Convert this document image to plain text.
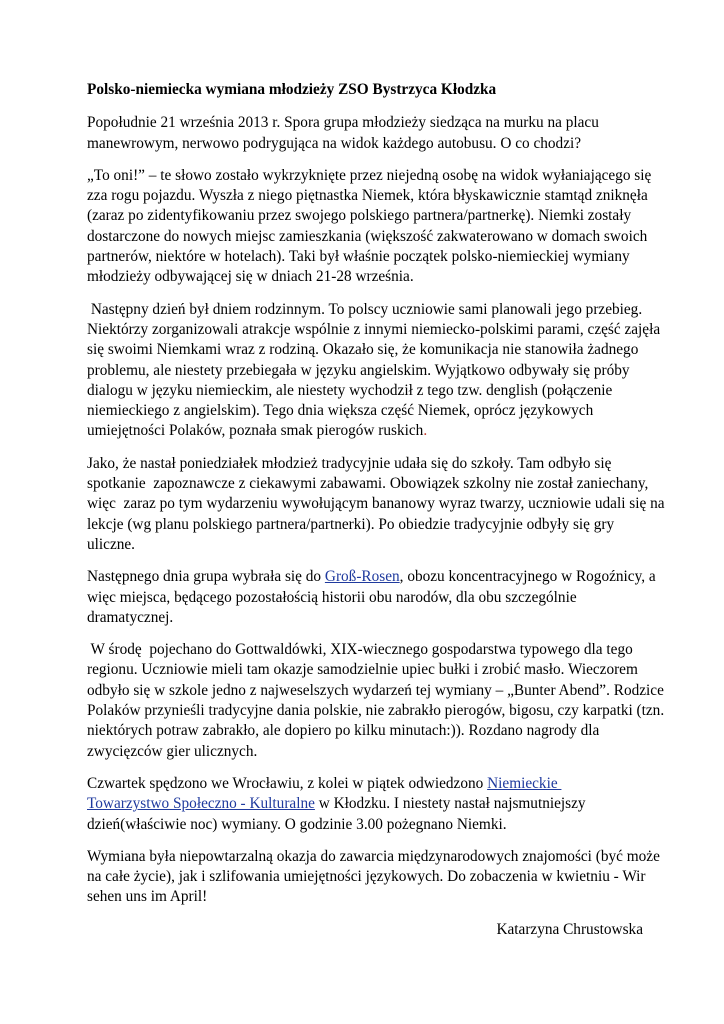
Polsko-niemiecka wymiana młodzieży ZSO Bystrzyca Kłodzka
Popołudnie 21 września 2013 r. Spora grupa młodzieży siedząca na murku na placu
manewrowym, nerwowo podrygująca na widok każdego autobusu. O co chodzi?
„To oni!” – te słowo zostało wykrzyknięte przez niejedną osobę na widok wyłaniającego się
zza rogu pojazdu. Wyszła z niego piętnastka Niemek, która błyskawicznie stamtąd zniknęła
(zaraz po zidentyfikowaniu przez swojego polskiego partnera/partnerkę). Niemki zostały
dostarczone do nowych miejsc zamieszkania (większość zakwaterowano w domach swoich
partnerów, niektóre w hotelach). Taki był właśnie początek polsko-niemieckiej wymiany
młodzieży odbywającej się w dniach 21-28 września.
Następny dzień był dniem rodzinnym. To polscy uczniowie sami planowali jego przebieg.
Niektórzy zorganizowali atrakcje wspólnie z innymi niemiecko-polskimi parami, część zajęła
się swoimi Niemkami wraz z rodziną. Okazało się, że komunikacja nie stanowiła żadnego
problemu, ale niestety przebiegała w języku angielskim. Wyjątkowo odbywały się próby
dialogu w języku niemieckim, ale niestety wychodził z tego tzw. denglish (połączenie
niemieckiego z angielskim). Tego dnia większa część Niemek, oprócz językowych
umiejętności Polaków, poznała smak pierogów ruskich.
Jako, że nastał poniedziałek młodzież tradycyjnie udała się do szkoły. Tam odbyło się
spotkanie  zapoznawcze z ciekawymi zabawami. Obowiązek szkolny nie został zaniechany,
więc  zaraz po tym wydarzeniu wywołującym bananowy wyraz twarzy, uczniowie udali się na
lekcje (wg planu polskiego partnera/partnerki). Po obiedzie tradycyjnie odbyły się gry
uliczne.
Następnego dnia grupa wybrała się do Groß-Rosen, obozu koncentracyjnego w Rogoźnicy, a
więc miejsca, będącego pozostałością historii obu narodów, dla obu szczególnie
dramatycznej.
W środę  pojechano do Gottwaldówki, XIX-wiecznego gospodarstwa typowego dla tego
regionu. Uczniowie mieli tam okazje samodzielnie upiec bułki i zrobić masło. Wieczorem
odbyło się w szkole jedno z najweselszych wydarzeń tej wymiany – „Bunter Abend”. Rodzice
Polaków przynieśli tradycyjne dania polskie, nie zabrakło pierogów, bigosu, czy karpatki (tzn.
niektórych potraw zabrakło, ale dopiero po kilku minutach:)). Rozdano nagrody dla
zwycięzców gier ulicznych.
Czwartek spędzono we Wrocławiu, z kolei w piątek odwiedzono Niemieckie
Towarzystwo Społeczno - Kulturalne w Kłodzku. I niestety nastał najsmutniejszy
dzień(właściwie noc) wymiany. O godzinie 3.00 pożegnano Niemki.
Wymiana była niepowtarzalną okazja do zawarcia międzynarodowych znajomości (być może
na całe życie), jak i szlifowania umiejętności językowych. Do zobaczenia w kwietniu - Wir
sehen uns im April!
Katarzyna Chrustowska
